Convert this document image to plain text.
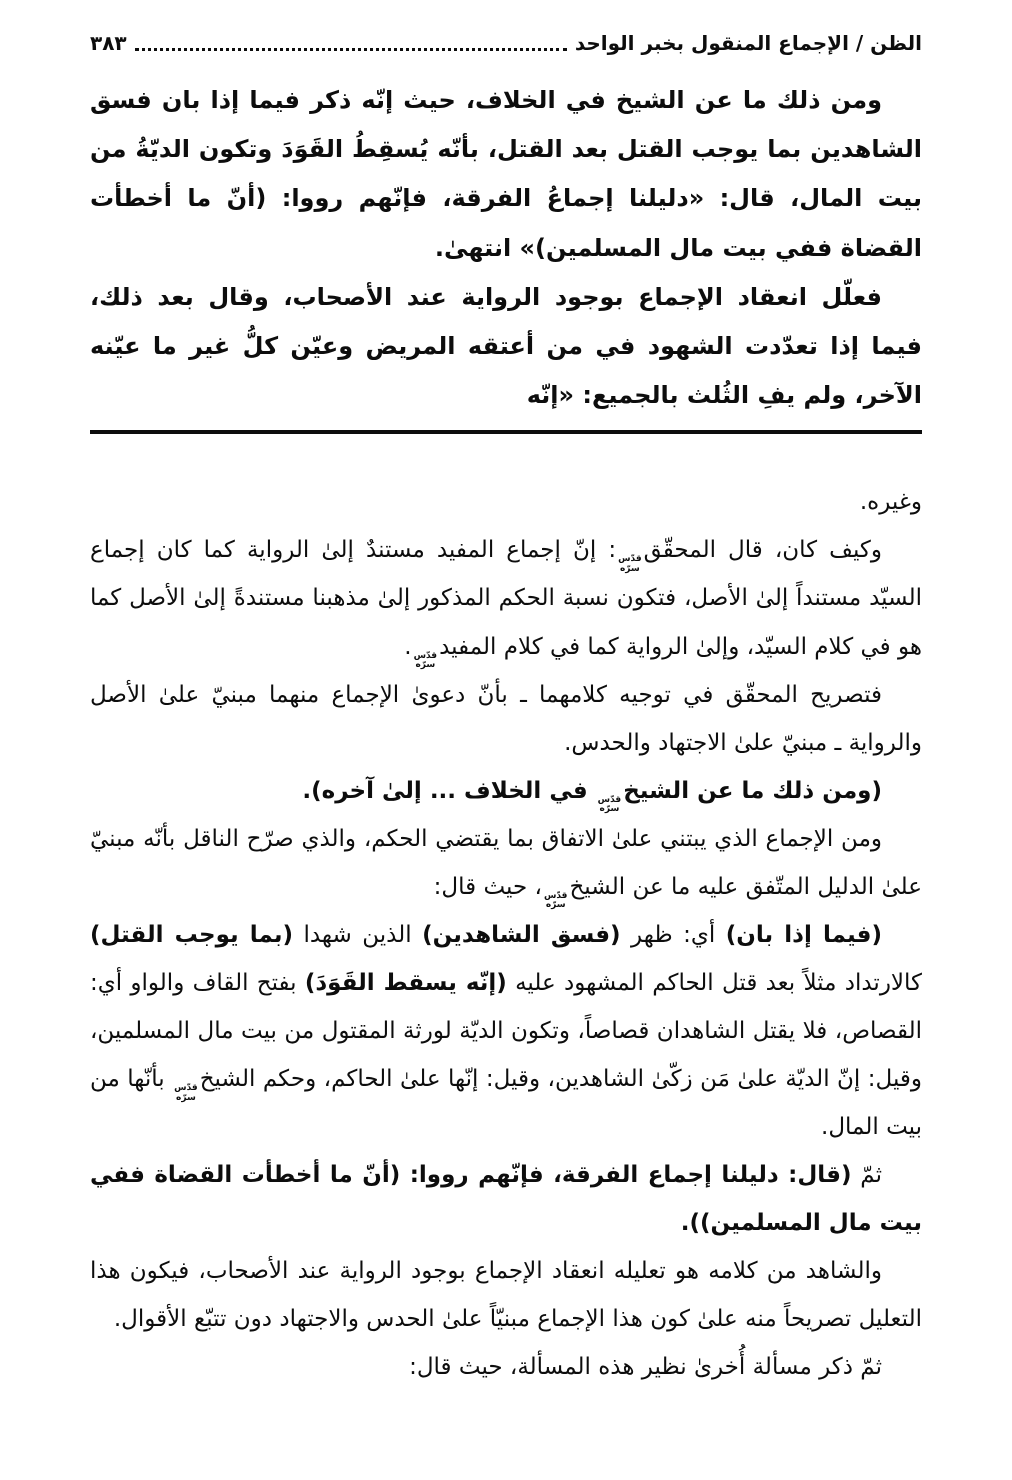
الظن / الإجماع المنقول بخبر الواحد
٣٨٣

ومن ذلك ما عن الشيخ في الخلاف، حيث إنّه ذكر فيما إذا بان فسق الشاهدين بما يوجب القتل بعد القتل، بأنّه يُسقِطُ القَوَدَ وتكون الديّةُ من بيت المال، قال: «دليلنا إجماعُ الفرقة، فإنّهم رووا: (أنّ ما أخطأت القضاة ففي بيت مال المسلمين)» انتهىٰ.

فعلّل انعقاد الإجماع بوجود الرواية عند الأصحاب، وقال بعد ذلك، فيما إذا تعدّدت الشهود في من أعتقه المريض وعيّن كلُّ غير ما عيّنه الآخر، ولم يفِ الثُلث بالجميع: «إنّه

وغيره.

وكيف كان، قال المحقّق
قدّس
سرّه
: إنّ إجماع المفيد مستندٌ إلىٰ الرواية كما كان إجماع السيّد مستنداً إلىٰ الأصل، فتكون نسبة الحكم المذكور إلىٰ مذهبنا مستندةً إلىٰ الأصل كما هو في كلام السيّد، وإلىٰ الرواية كما في كلام المفيد
قدّس
سرّه
.

فتصريح المحقّق في توجيه كلامهما ـ بأنّ دعوىٰ الإجماع منهما مبنيّ علىٰ الأصل والرواية ـ مبنيّ علىٰ الاجتهاد والحدس.

(ومن ذلك ما عن الشيخ
قدّس
سرّه
في الخلاف ... إلىٰ آخره).

ومن الإجماع الذي يبتني علىٰ الاتفاق بما يقتضي الحكم، والذي صرّح الناقل بأنّه مبنيّ علىٰ الدليل المتّفق عليه ما عن الشيخ
قدّس
سرّه
، حيث قال:

(فيما إذا بان) أي: ظهر (فسق الشاهدين) الذين شهدا (بما يوجب القتل) كالارتداد مثلاً بعد قتل الحاكم المشهود عليه (إنّه يسقط القَوَدَ) بفتح القاف والواو أي: القصاص، فلا يقتل الشاهدان قصاصاً، وتكون الديّة لورثة المقتول من بيت مال المسلمين، وقيل: إنّ الديّة علىٰ مَن زكّىٰ الشاهدين، وقيل: إنّها علىٰ الحاكم، وحكم الشيخ
قدّس
سرّه
بأنّها من بيت المال.

ثمّ (قال: دليلنا إجماع الفرقة، فإنّهم رووا: (أنّ ما أخطأت القضاة ففي بيت مال المسلمين)).

والشاهد من كلامه هو تعليله انعقاد الإجماع بوجود الرواية عند الأصحاب، فيكون هذا التعليل تصريحاً منه علىٰ كون هذا الإجماع مبنيّاً علىٰ الحدس والاجتهاد دون تتبّع الأقوال.

ثمّ ذكر مسألة أُخرىٰ نظير هذه المسألة، حيث قال:
